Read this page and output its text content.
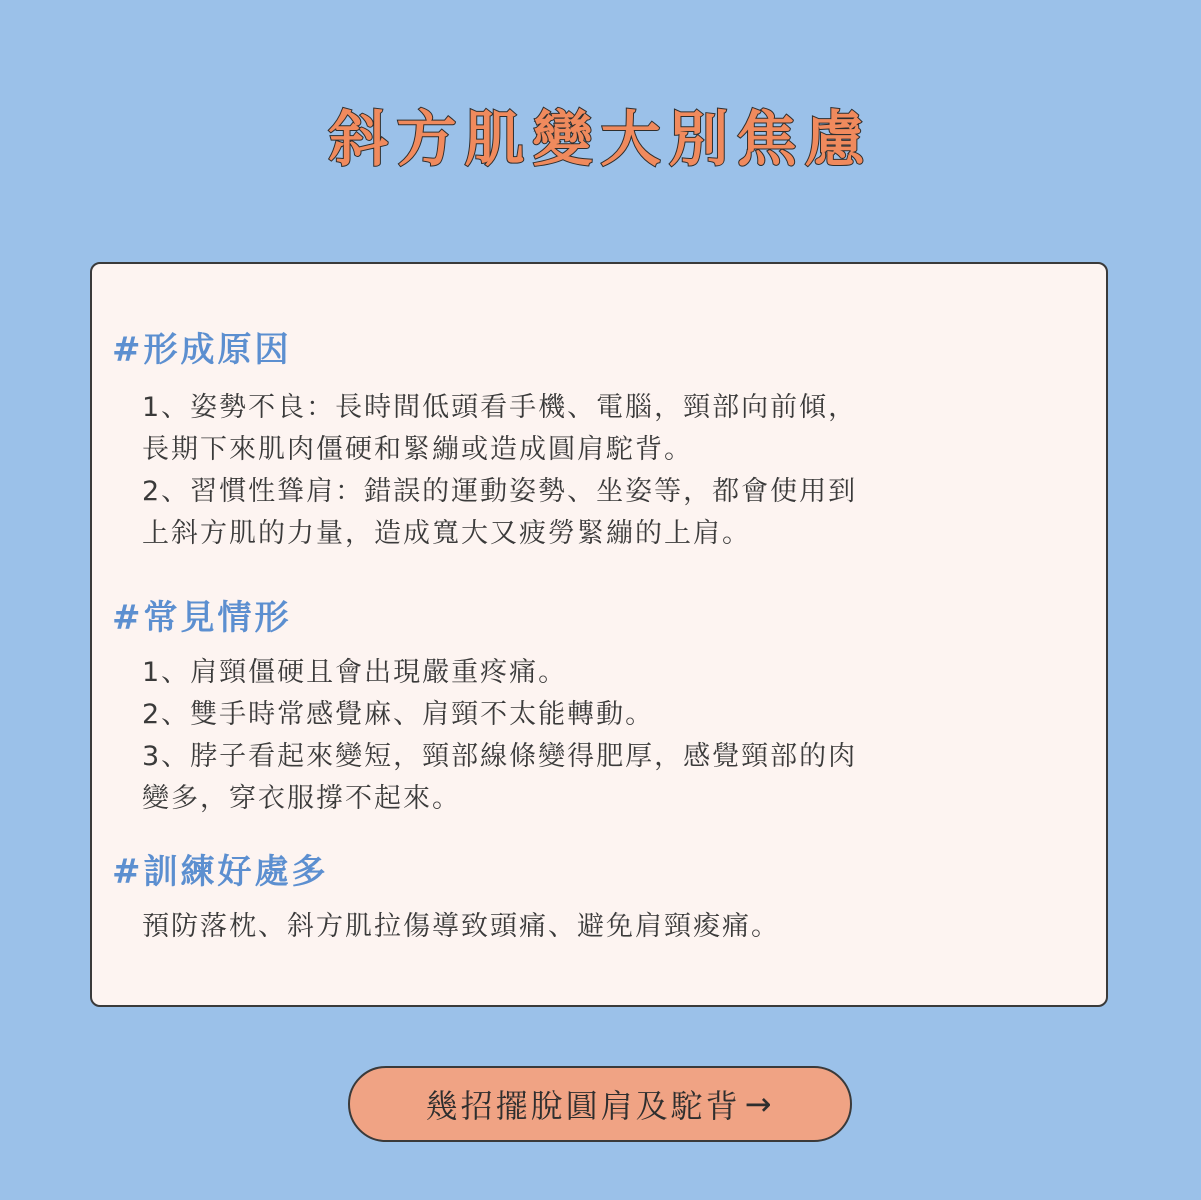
斜方肌變大別焦慮
#形成原因

1、姿勢不良：長時間低頭看手機、電腦，頸部向前傾，

長期下來肌肉僵硬和緊繃或造成圓肩駝背。

2、習慣性聳肩：錯誤的運動姿勢、坐姿等，都會使用到

上斜方肌的力量，造成寬大又疲勞緊繃的上肩。

#常見情形

1、肩頸僵硬且會出現嚴重疼痛。

2、雙手時常感覺麻、肩頸不太能轉動。

3、脖子看起來變短，頸部線條變得肥厚，感覺頸部的肉

變多，穿衣服撐不起來。

#訓練好處多

預防落枕、斜方肌拉傷導致頭痛、避免肩頸痠痛。

幾招擺脫圓肩及駝背 →
